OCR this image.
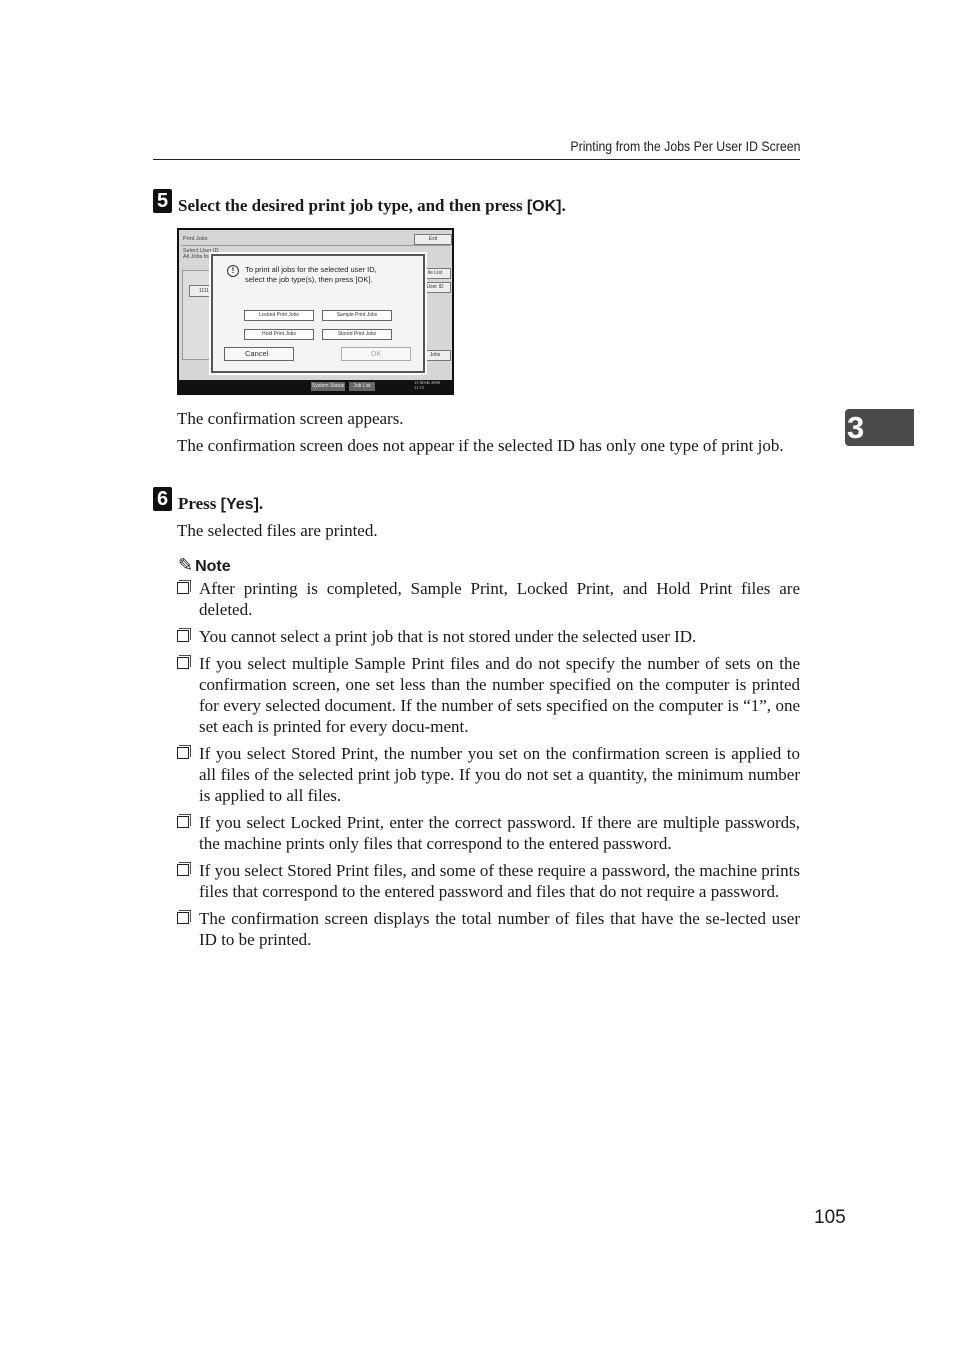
Printing from the Jobs Per User ID Screen
3
5 Select the desired print job type, and then press [OK].
Print Jobs	Exit
Select User ID
All Jobs for
1111
ile List
User ID
Jobs
!	To print all jobs for the selected user ID,
select the job type(s), then press [OK].
Locked Print Jobs	Sample Print Jobs
Hold Print Jobs	Stored Print Jobs
Cancel	OK
System Status	Job List
13 MAR 2006
11:15
The confirmation screen appears.
The confirmation screen does not appear if the selected ID has only one type of print job.
6 Press [Yes].
The selected files are printed.
✎ Note
After printing is completed, Sample Print, Locked Print, and Hold Print files are deleted.
You cannot select a print job that is not stored under the selected user ID.
If you select multiple Sample Print files and do not specify the number of sets on the confirmation screen, one set less than the number specified on the computer is printed for every selected document. If the number of sets specified on the computer is “1”, one set each is printed for every docu-ment.
If you select Stored Print, the number you set on the confirmation screen is applied to all files of the selected print job type. If you do not set a quantity, the minimum number is applied to all files.
If you select Locked Print, enter the correct password. If there are multiple passwords, the machine prints only files that correspond to the entered password.
If you select Stored Print files, and some of these require a password, the machine prints files that correspond to the entered password and files that do not require a password.
The confirmation screen displays the total number of files that have the se-lected user ID to be printed.
105
